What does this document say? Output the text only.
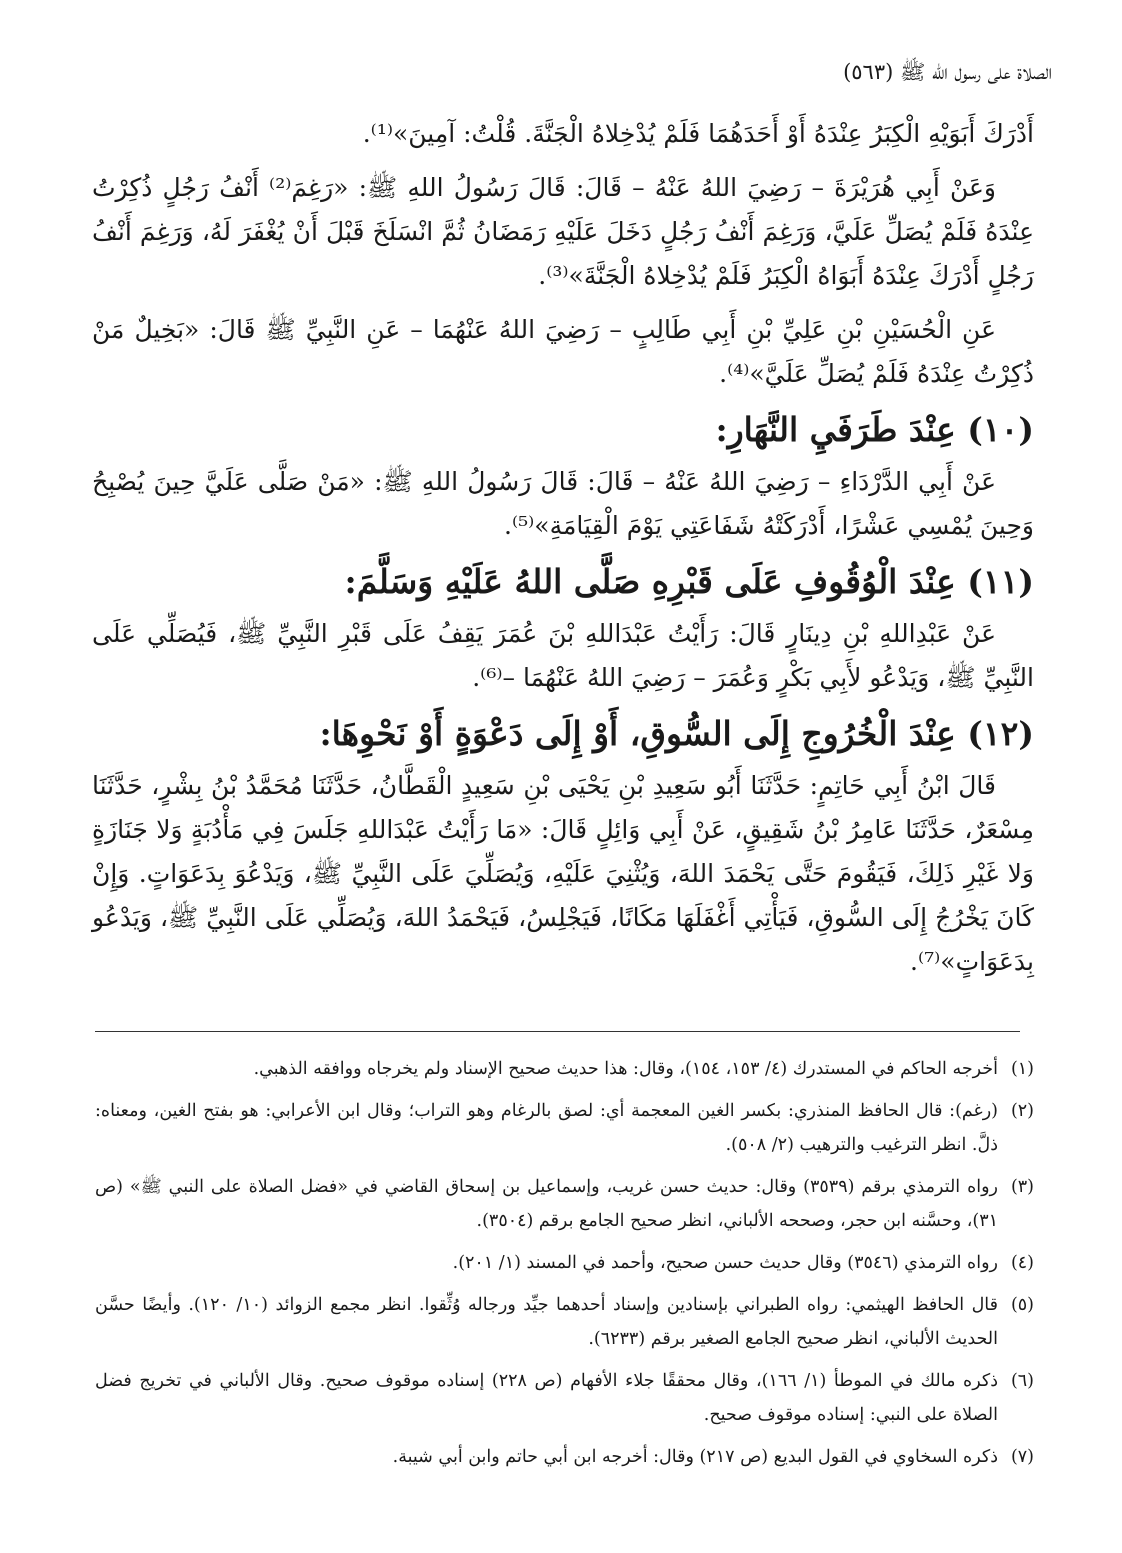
الصلاة على رسول الله ﷺ (٥٦٣)

أَدْرَكَ أَبَوَيْهِ الْكِبَرُ عِنْدَهُ أَوْ أَحَدَهُمَا فَلَمْ يُدْخِلاهُ الْجَنَّةَ. قُلْتُ: آمِينَ»⁽¹⁾.

وَعَنْ أَبِي هُرَيْرَةَ – رَضِيَ اللهُ عَنْهُ – قَالَ: قَالَ رَسُولُ اللهِ ﷺ: «رَغِمَ⁽²⁾ أَنْفُ رَجُلٍ ذُكِرْتُ عِنْدَهُ فَلَمْ يُصَلِّ عَلَيَّ، وَرَغِمَ أَنْفُ رَجُلٍ دَخَلَ عَلَيْهِ رَمَضَانُ ثُمَّ انْسَلَخَ قَبْلَ أَنْ يُغْفَرَ لَهُ، وَرَغِمَ أَنْفُ رَجُلٍ أَدْرَكَ عِنْدَهُ أَبَوَاهُ الْكِبَرُ فَلَمْ يُدْخِلاهُ الْجَنَّةَ»⁽³⁾.

عَنِ الْحُسَيْنِ بْنِ عَلِيِّ بْنِ أَبِي طَالِبٍ – رَضِيَ اللهُ عَنْهُمَا – عَنِ النَّبِيِّ ﷺ قَالَ: «بَخِيلٌ مَنْ ذُكِرْتُ عِنْدَهُ فَلَمْ يُصَلِّ عَلَيَّ»⁽⁴⁾.

(١٠) عِنْدَ طَرَفَيِ النَّهَارِ:

عَنْ أَبِي الدَّرْدَاءِ – رَضِيَ اللهُ عَنْهُ – قَالَ: قَالَ رَسُولُ اللهِ ﷺ: «مَنْ صَلَّى عَلَيَّ حِينَ يُصْبِحُ وَحِينَ يُمْسِي عَشْرًا، أَدْرَكَتْهُ شَفَاعَتِي يَوْمَ الْقِيَامَةِ»⁽⁵⁾.

(١١) عِنْدَ الْوُقُوفِ عَلَى قَبْرِهِ صَلَّى اللهُ عَلَيْهِ وَسَلَّمَ:

عَنْ عَبْدِاللهِ بْنِ دِينَارٍ قَالَ: رَأَيْتُ عَبْدَاللهِ بْنَ عُمَرَ يَقِفُ عَلَى قَبْرِ النَّبِيِّ ﷺ، فَيُصَلِّي عَلَى النَّبِيِّ ﷺ، وَيَدْعُو لأَبِي بَكْرٍ وَعُمَرَ – رَضِيَ اللهُ عَنْهُمَا –⁽⁶⁾.

(١٢) عِنْدَ الْخُرُوجِ إِلَى السُّوقِ، أَوْ إِلَى دَعْوَةٍ أَوْ نَحْوِهَا:

قَالَ ابْنُ أَبِي حَاتِمٍ: حَدَّثَنَا أَبُو سَعِيدِ بْنِ يَحْيَى بْنِ سَعِيدٍ الْقَطَّانُ، حَدَّثَنَا مُحَمَّدُ بْنُ بِشْرٍ، حَدَّثَنَا مِسْعَرٌ، حَدَّثَنَا عَامِرُ بْنُ شَقِيقٍ، عَنْ أَبِي وَائِلٍ قَالَ: «مَا رَأَيْتُ عَبْدَاللهِ جَلَسَ فِي مَأْدُبَةٍ وَلا جَنَازَةٍ وَلا غَيْرِ ذَلِكَ، فَيَقُومَ حَتَّى يَحْمَدَ اللهَ، وَيُثْنِيَ عَلَيْهِ، وَيُصَلِّيَ عَلَى النَّبِيِّ ﷺ، وَيَدْعُوَ بِدَعَوَاتٍ. وَإِنْ كَانَ يَخْرُجُ إِلَى السُّوقِ، فَيَأْتِي أَغْفَلَهَا مَكَانًا، فَيَجْلِسُ، فَيَحْمَدُ اللهَ، وَيُصَلِّي عَلَى النَّبِيِّ ﷺ، وَيَدْعُو بِدَعَوَاتٍ»⁽⁷⁾.

(١)
أخرجه الحاكم في المستدرك (٤/ ١٥٣، ١٥٤)، وقال: هذا حديث صحيح الإسناد ولم يخرجاه ووافقه الذهبي.
(٢)
(رغم): قال الحافظ المنذري: بكسر الغين المعجمة أي: لصق بالرغام وهو التراب؛ وقال ابن الأعرابي: هو بفتح الغين، ومعناه: ذلَّ. انظر الترغيب والترهيب (٢/ ٥٠٨).
(٣)
رواه الترمذي برقم (٣٥٣٩) وقال: حديث حسن غريب، وإسماعيل بن إسحاق القاضي في «فضل الصلاة على النبي ﷺ» (ص ٣١)، وحسَّنه ابن حجر، وصححه الألباني، انظر صحيح الجامع برقم (٣٥٠٤).
(٤)
رواه الترمذي (٣٥٤٦) وقال حديث حسن صحيح، وأحمد في المسند (١/ ٢٠١).
(٥)
قال الحافظ الهيثمي: رواه الطبراني بإسنادين وإسناد أحدهما جيِّد ورجاله وُثِّقوا. انظر مجمع الزوائد (١٠/ ١٢٠). وأيضًا حسَّن الحديث الألباني، انظر صحيح الجامع الصغير برقم (٦٢٣٣).
(٦)
ذكره مالك في الموطأ (١/ ١٦٦)، وقال محققًا جلاء الأفهام (ص ٢٢٨) إسناده موقوف صحيح. وقال الألباني في تخريج فضل الصلاة على النبي: إسناده موقوف صحيح.
(٧)
ذكره السخاوي في القول البديع (ص ٢١٧) وقال: أخرجه ابن أبي حاتم وابن أبي شيبة.
